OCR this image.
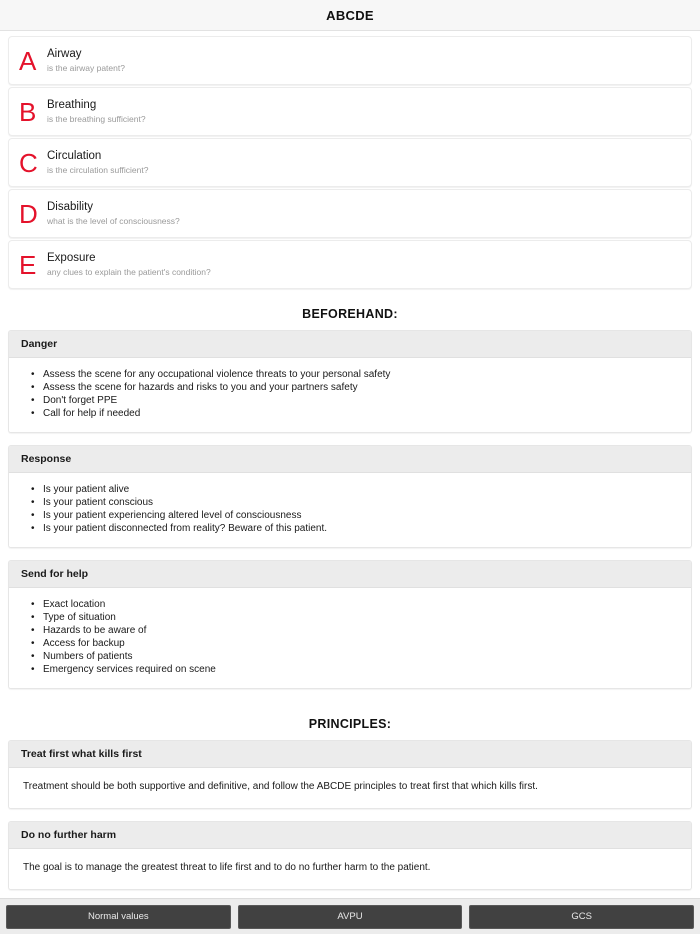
ABCDE
A Airway
is the airway patent?
B Breathing
is the breathing sufficient?
C Circulation
is the circulation sufficient?
D Disability
what is the level of consciousness?
E Exposure
any clues to explain the patient's condition?
BEFOREHAND:
Danger
• Assess the scene for any occupational violence threats to your personal safety
• Assess the scene for hazards and risks to you and your partners safety
• Don't forget PPE
• Call for help if needed
Response
• Is your patient alive
• Is your patient conscious
• Is your patient experiencing altered level of consciousness
• Is your patient disconnected from reality? Beware of this patient.
Send for help
• Exact location
• Type of situation
• Hazards to be aware of
• Access for backup
• Numbers of patients
• Emergency services required on scene
PRINCIPLES:
Treat first what kills first
Treatment should be both supportive and definitive, and follow the ABCDE principles to treat first that which kills first.
Do no further harm
The goal is to manage the greatest threat to life first and to do no further harm to the patient.
Normal values	AVPU	GCS
